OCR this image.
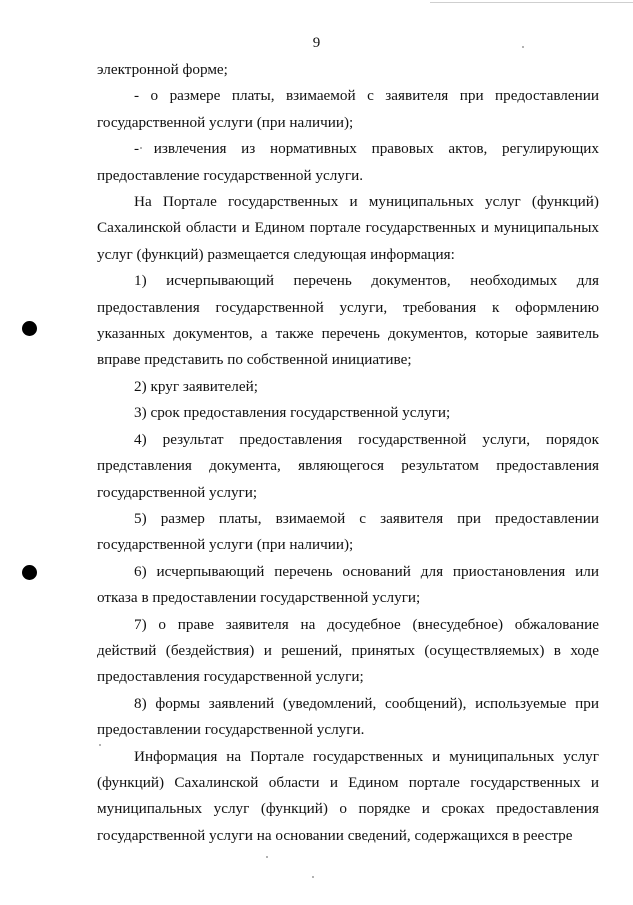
9

электронной форме;

- о размере платы, взимаемой с заявителя при предоставлении государственной услуги (при наличии);

- извлечения из нормативных правовых актов, регулирующих предоставление государственной услуги.

На Портале государственных и муниципальных услуг (функций) Сахалинской области и Едином портале государственных и муниципальных услуг (функций) размещается следующая информация:

1) исчерпывающий перечень документов, необходимых для предоставления государственной услуги, требования к оформлению указанных документов, а также перечень документов, которые заявитель вправе представить по собственной инициативе;

2) круг заявителей;

3) срок предоставления государственной услуги;

4) результат предоставления государственной услуги, порядок представления документа, являющегося результатом предоставления государственной услуги;

5) размер платы, взимаемой с заявителя при предоставлении государственной услуги (при наличии);

6) исчерпывающий перечень оснований для приостановления или отказа в предоставлении государственной услуги;

7) о праве заявителя на досудебное (внесудебное) обжалование действий (бездействия) и решений, принятых (осуществляемых) в ходе предоставления государственной услуги;

8) формы заявлений (уведомлений, сообщений), используемые при предоставлении государственной услуги.

Информация на Портале государственных и муниципальных услуг (функций) Сахалинской области и Едином портале государственных и муниципальных услуг (функций) о порядке и сроках предоставления государственной услуги на основании сведений, содержащихся в реестре
